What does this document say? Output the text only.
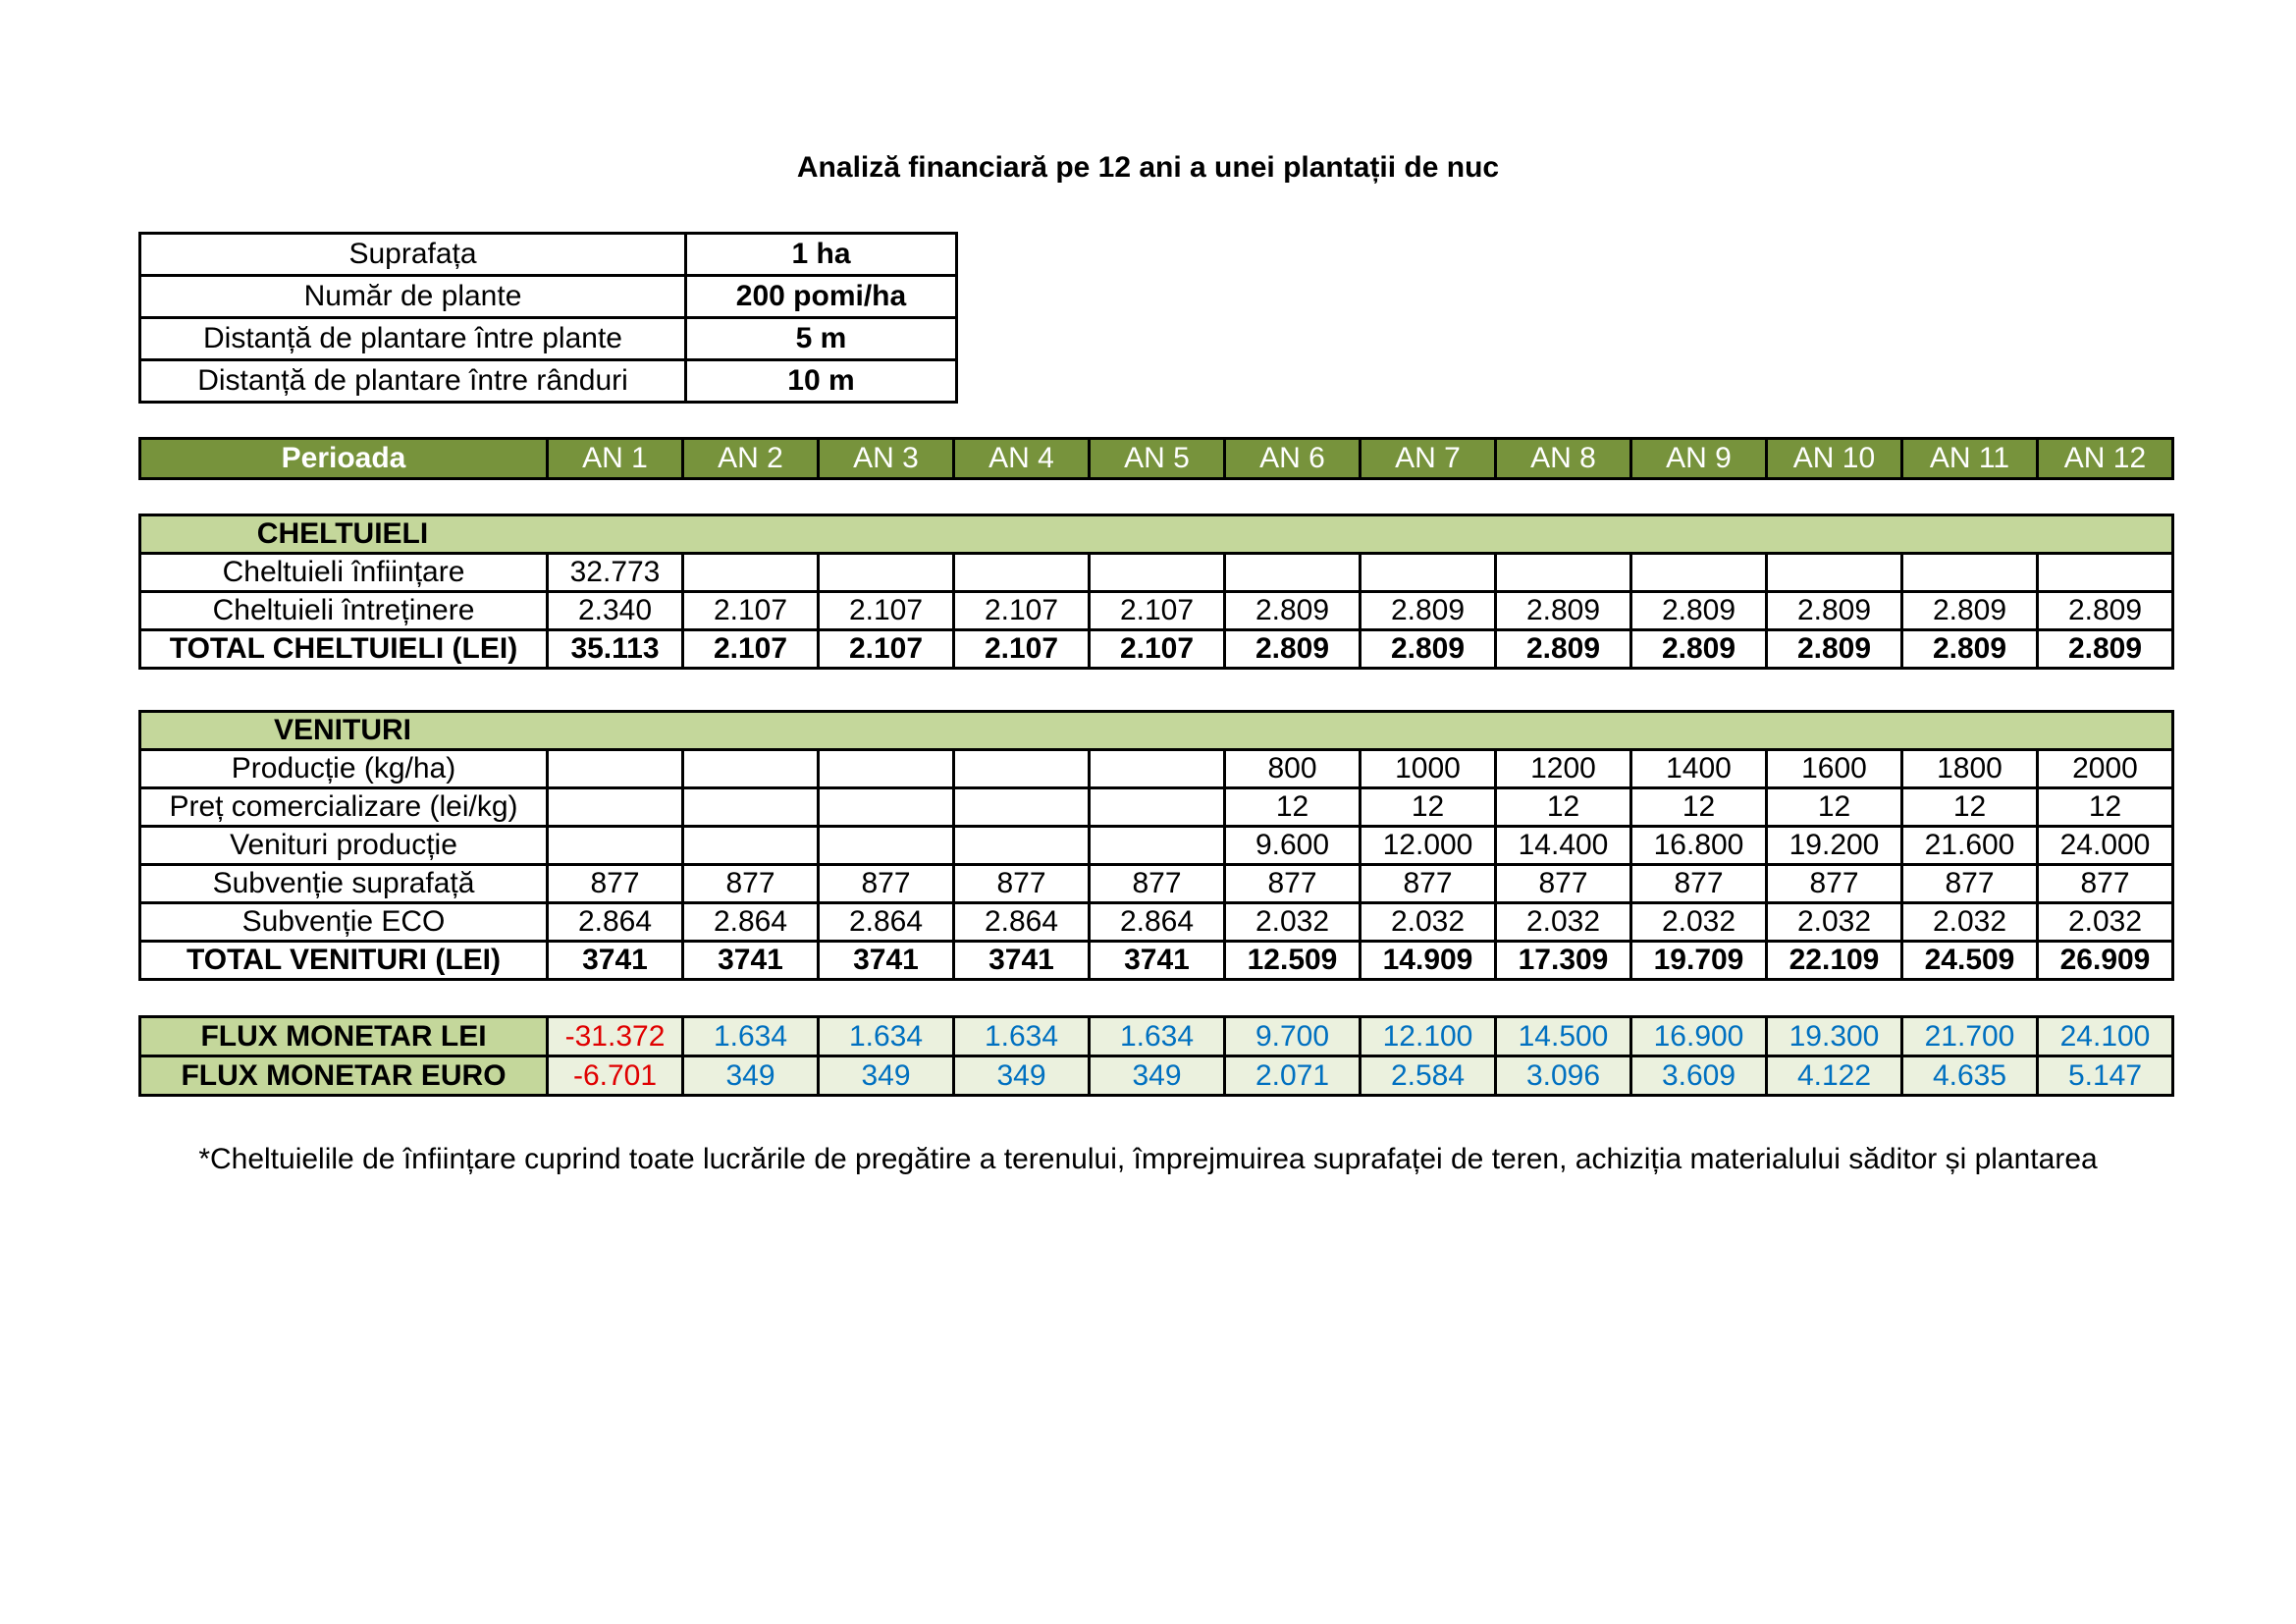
Analiză financiară pe 12 ani a unei plantații de nuc
Suprafața	1 ha
Număr de plante	200 pomi/ha
Distanță de plantare între plante	5 m
Distanță de plantare între rânduri	10 m
Perioada	AN 1	AN 2	AN 3	AN 4	AN 5	AN 6	AN 7	AN 8	AN 9	AN 10	AN 11	AN 12
CHELTUIELI												
Cheltuieli înființare	32.773											
Cheltuieli întreținere	2.340	2.107	2.107	2.107	2.107	2.809	2.809	2.809	2.809	2.809	2.809	2.809
TOTAL CHELTUIELI (LEI)	35.113	2.107	2.107	2.107	2.107	2.809	2.809	2.809	2.809	2.809	2.809	2.809
VENITURI												
Producție (kg/ha)						800	1000	1200	1400	1600	1800	2000
Preț comercializare (lei/kg)						12	12	12	12	12	12	12
Venituri producție						9.600	12.000	14.400	16.800	19.200	21.600	24.000
Subvenție suprafață	877	877	877	877	877	877	877	877	877	877	877	877
Subvenție ECO	2.864	2.864	2.864	2.864	2.864	2.032	2.032	2.032	2.032	2.032	2.032	2.032
TOTAL VENITURI (LEI)	3741	3741	3741	3741	3741	12.509	14.909	17.309	19.709	22.109	24.509	26.909
FLUX MONETAR LEI	-31.372	1.634	1.634	1.634	1.634	9.700	12.100	14.500	16.900	19.300	21.700	24.100
FLUX MONETAR EURO	-6.701	349	349	349	349	2.071	2.584	3.096	3.609	4.122	4.635	5.147
*Cheltuielile de înființare cuprind toate lucrările de pregătire a terenului, împrejmuirea suprafaței de teren, achiziția materialului săditor și plantarea
